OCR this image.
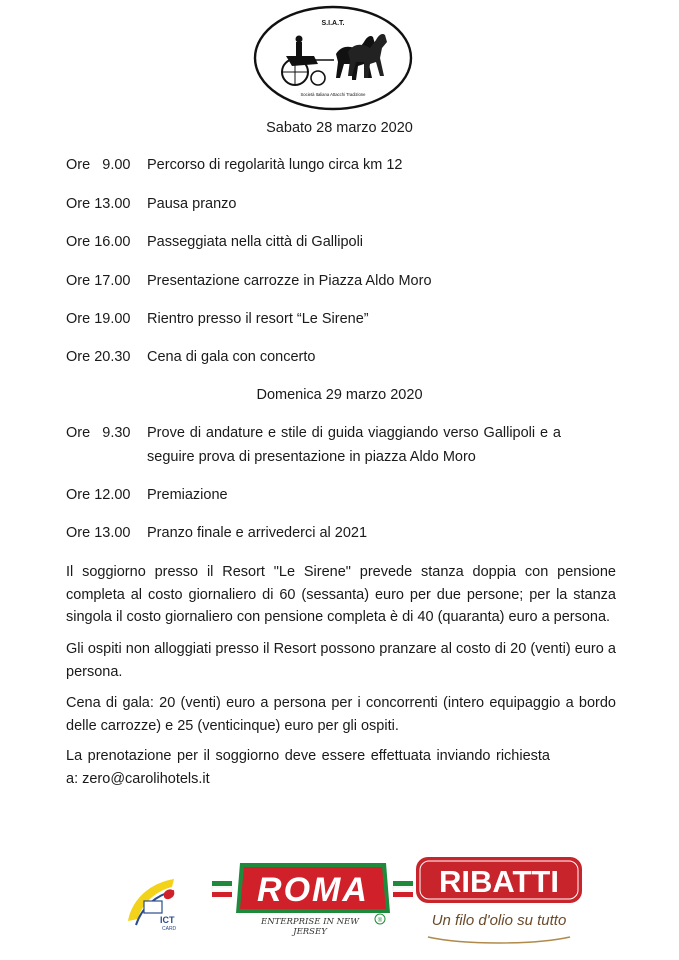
S.I.A.T.
Società Italiana Attacchi Tradizione
Sabato 28 marzo 2020
Ore   9.00	Percorso di regolarità lungo circa km 12
Ore 13.00	Pausa pranzo
Ore 16.00	Passeggiata nella città di Gallipoli
Ore 17.00	Presentazione carrozze in Piazza Aldo Moro
Ore 19.00	Rientro presso il resort “Le Sirene”
Ore 20.30	Cena di gala con concerto
Domenica 29 marzo 2020
Ore   9.30	Prove di andature e stile di guida viaggiando verso Gallipoli e a seguire prova di presentazione in piazza Aldo Moro
Ore 12.00	Premiazione
Ore 13.00	Pranzo finale e arrivederci al 2021
Il soggiorno presso il Resort "Le Sirene" prevede stanza doppia con pensione completa al costo giornaliero di 60 (sessanta) euro per due persone; per la stanza singola il costo giornaliero con pensione completa è di 40 (quaranta) euro a persona.
Gli ospiti non alloggiati presso il Resort possono pranzare al costo di 20 (venti) euro a persona.
Cena di gala: 20 (venti) euro a persona per i concorrenti (intero equipaggio a bordo delle carrozze) e 25 (venticinque) euro per gli ospiti.
La prenotazione per il soggiorno deve essere effettuata inviando richiesta a: zero@carolihotels.it
ICT
CARD
ROMA
®
ENTERPRISE IN NEW JERSEY
RIBATTI
Un filo d'olio su tutto
